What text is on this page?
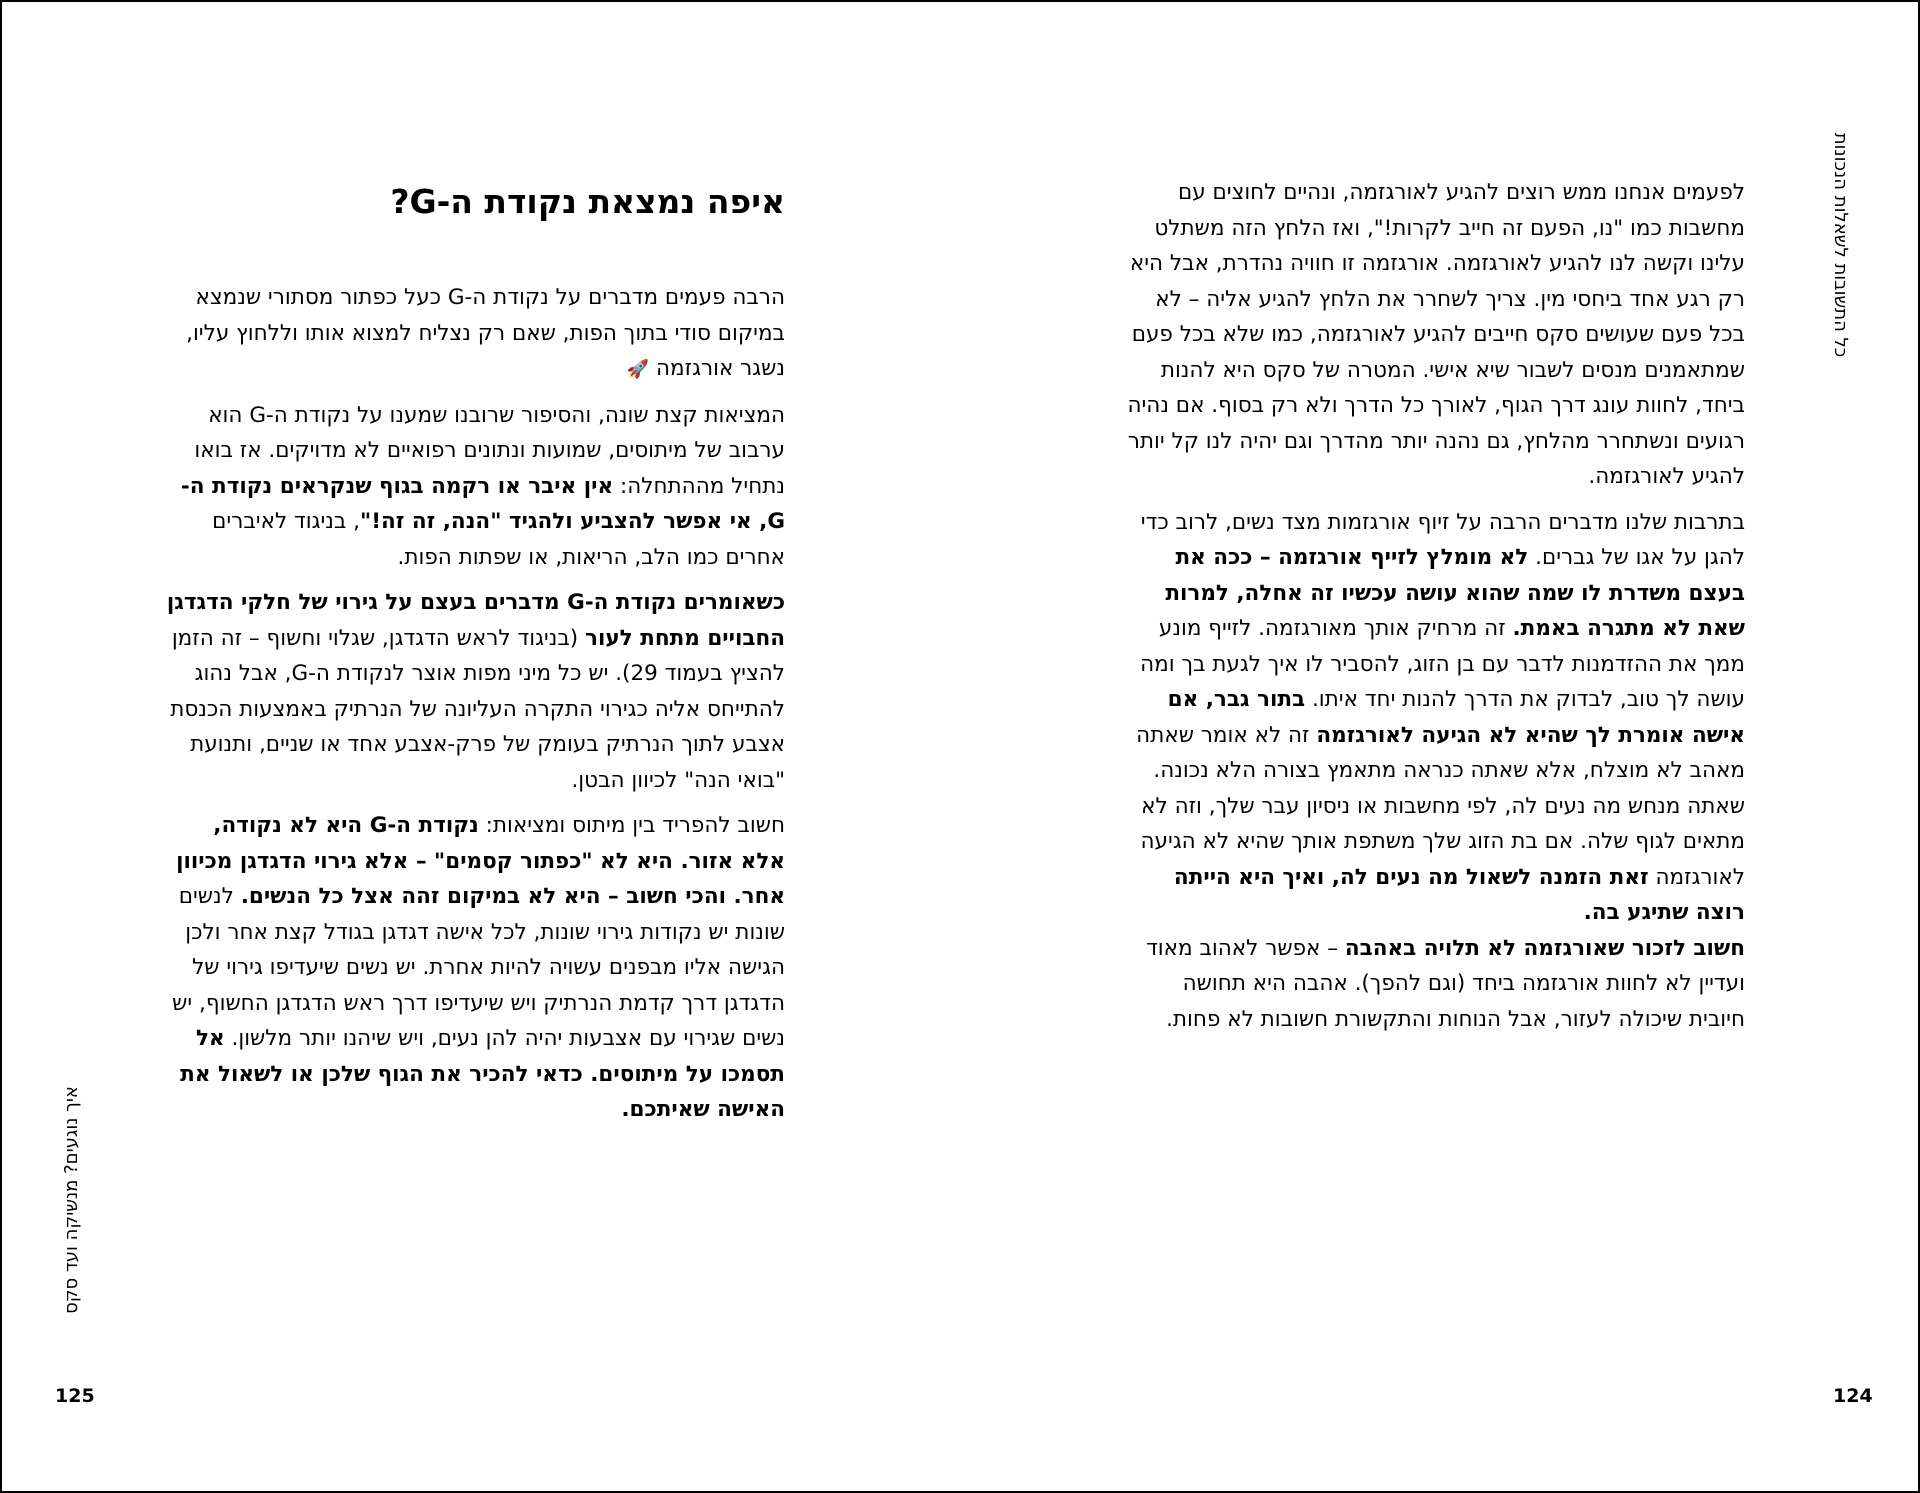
איפה נמצאת נקודת ה-G?

הרבה פעמים מדברים על נקודת ה-G כעל כפתור מסתורי שנמצא במיקום סודי בתוך הפות, שאם רק נצליח למצוא אותו וללחוץ עליו, נשגר אורגזמה 🚀

המציאות קצת שונה, והסיפור שרובנו שמענו על נקודת ה-G הוא ערבוב של מיתוסים, שמועות ונתונים רפואיים לא מדויקים. אז בואו נתחיל מההתחלה: אין איבר או רקמה בגוף שנקראים נקודת ה-G, אי אפשר להצביע ולהגיד "הנה, זה זה!", בניגוד לאיברים אחרים כמו הלב, הריאות, או שפתות הפות.

כשאומרים נקודת ה-G מדברים בעצם על גירוי של חלקי הדגדגן החבויים מתחת לעור (בניגוד לראש הדגדגן, שגלוי וחשוף – זה הזמן להציץ בעמוד 29). יש כל מיני מפות אוצר לנקודת ה-G, אבל נהוג להתייחס אליה כגירוי התקרה העליונה של הנרתיק באמצעות הכנסת אצבע לתוך הנרתיק בעומק של פרק-אצבע אחד או שניים, ותנועת "בואי הנה" לכיוון הבטן.

חשוב להפריד בין מיתוס ומציאות: נקודת ה-G היא לא נקודה, אלא אזור. היא לא "כפתור קסמים" – אלא גירוי הדגדגן מכיוון אחר. והכי חשוב – היא לא במיקום זהה אצל כל הנשים. לנשים שונות יש נקודות גירוי שונות, לכל אישה דגדגן בגודל קצת אחר ולכן הגישה אליו מבפנים עשויה להיות אחרת. יש נשים שיעדיפו גירוי של הדגדגן דרך קדמת הנרתיק ויש שיעדיפו דרך ראש הדגדגן החשוף, יש נשים שגירוי עם אצבעות יהיה להן נעים, ויש שיהנו יותר מלשון. אל תסמכו על מיתוסים. כדאי להכיר את הגוף שלכן או לשאול את האישה שאיתכם.

איך נוגעים? מנשיקה ועד סקס
125

לפעמים אנחנו ממש רוצים להגיע לאורגזמה, ונהיים לחוצים עם מחשבות כמו "נו, הפעם זה חייב לקרות!", ואז הלחץ הזה משתלט עלינו וקשה לנו להגיע לאורגזמה. אורגזמה זו חוויה נהדרת, אבל היא רק רגע אחד ביחסי מין. צריך לשחרר את הלחץ להגיע אליה – לא בכל פעם שעושים סקס חייבים להגיע לאורגזמה, כמו שלא בכל פעם שמתאמנים מנסים לשבור שיא אישי. המטרה של סקס היא להנות ביחד, לחוות עונג דרך הגוף, לאורך כל הדרך ולא רק בסוף. אם נהיה רגועים ונשתחרר מהלחץ, גם נהנה יותר מהדרך וגם יהיה לנו קל יותר להגיע לאורגזמה.

בתרבות שלנו מדברים הרבה על זיוף אורגזמות מצד נשים, לרוב כדי להגן על אגו של גברים. לא מומלץ לזייף אורגזמה – ככה את בעצם משדרת לו שמה שהוא עושה עכשיו זה אחלה, למרות שאת לא מתגרה באמת. זה מרחיק אותך מאורגזמה. לזייף מונע ממך את ההזדמנות לדבר עם בן הזוג, להסביר לו איך לגעת בך ומה עושה לך טוב, לבדוק את הדרך להנות יחד איתו. בתור גבר, אם אישה אומרת לך שהיא לא הגיעה לאורגזמה זה לא אומר שאתה מאהב לא מוצלח, אלא שאתה כנראה מתאמץ בצורה הלא נכונה. שאתה מנחש מה נעים לה, לפי מחשבות או ניסיון עבר שלך, וזה לא מתאים לגוף שלה. אם בת הזוג שלך משתפת אותך שהיא לא הגיעה לאורגזמה זאת הזמנה לשאול מה נעים לה, ואיך היא הייתה רוצה שתיגע בה.

חשוב לזכור שאורגזמה לא תלויה באהבה – אפשר לאהוב מאוד ועדיין לא לחוות אורגזמה ביחד (וגם להפך). אהבה היא תחושה חיובית שיכולה לעזור, אבל הנוחות והתקשורת חשובות לא פחות.

כל התשובות לשאלות הנכונות
124
